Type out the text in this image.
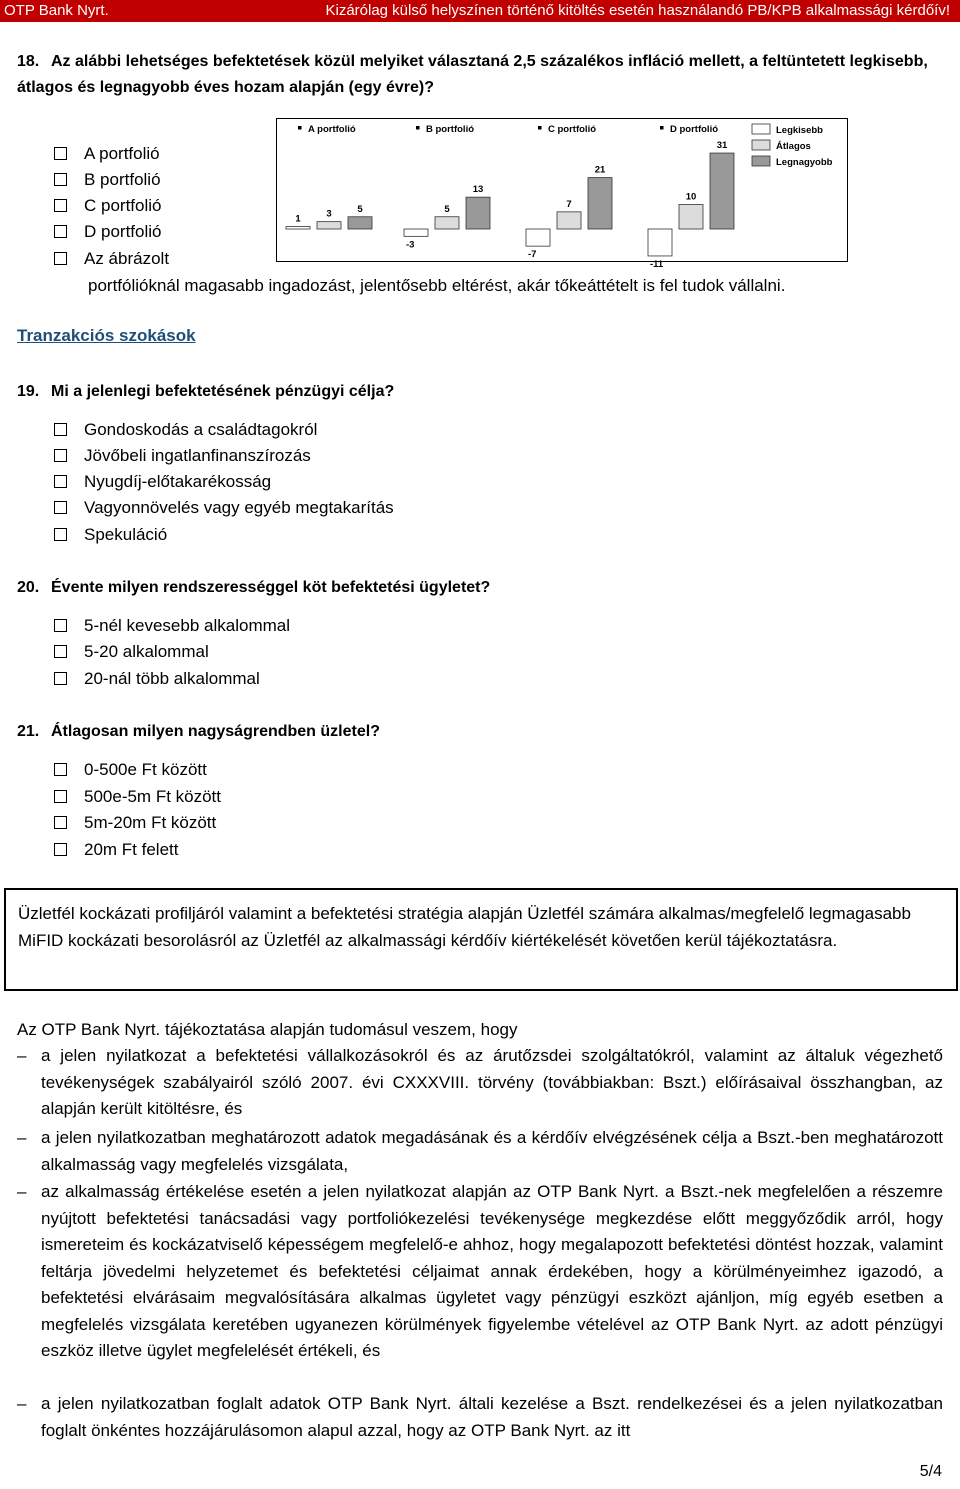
OTP Bank Nyrt.	Kizárólag külső helyszínen történő kitöltés esetén használandó PB/KPB alkalmassági kérdőív!
18. Az alábbi lehetséges befektetések közül melyiket választaná 2,5 százalékos infláció mellett, a feltüntetett legkisebb, átlagos és legnagyobb éves hozam alapján (egy évre)?
A portfolió
B portfolió
C portfolió
D portfolió
Az ábrázolt
portfólióknál magasabb ingadozást, jelentősebb eltérést, akár tőkeáttételt is fel tudok vállalni.
A portfolió
1	3	5
B portfolió
-3
5
13
C portfolió
-7
7
21
D portfolió
-11
10
31
Legkisebb
Átlagos
Legnagyobb
Tranzakciós szokások
19. Mi a jelenlegi befektetésének pénzügyi célja?
Gondoskodás a családtagokról
Jövőbeli ingatlanfinanszírozás
Nyugdíj-előtakarékosság
Vagyonnövelés vagy egyéb megtakarítás
Spekuláció
20. Évente milyen rendszerességgel köt befektetési ügyletet?
5-nél kevesebb alkalommal
5-20 alkalommal
20-nál több alkalommal
21. Átlagosan milyen nagyságrendben üzletel?
0-500e Ft között
500e-5m Ft között
5m-20m Ft között
20m Ft felett

Üzletfél kockázati profiljáról valamint a befektetési stratégia alapján Üzletfél számára alkalmas/megfelelő legmagasabb MiFID kockázati besorolásról az Üzletfél az alkalmassági kérdőív kiértékelését követően kerül tájékoztatásra.

Az OTP Bank Nyrt. tájékoztatása alapján tudomásul veszem, hogy
– a jelen nyilatkozat a befektetési vállalkozásokról és az árutőzsdei szolgáltatókról, valamint az általuk végezhető tevékenységek szabályairól szóló 2007. évi CXXXVIII. törvény (továbbiakban: Bszt.) előírásaival összhangban, az alapján került kitöltésre, és
– a jelen nyilatkozatban meghatározott adatok megadásának és a kérdőív elvégzésének célja a Bszt.-ben meghatározott alkalmasság vagy megfelelés vizsgálata,
– az alkalmasság értékelése esetén a jelen nyilatkozat alapján az OTP Bank Nyrt. a Bszt.-nek megfelelően a részemre nyújtott befektetési tanácsadási vagy portfoliókezelési tevékenysége megkezdése előtt meggyőződik arról, hogy ismereteim és kockázatviselő képességem megfelelő-e ahhoz, hogy megalapozott befektetési döntést hozzak, valamint feltárja jövedelmi helyzetemet és befektetési céljaimat annak érdekében, hogy a körülményeimhez igazodó, a befektetési elvárásaim megvalósítására alkalmas ügyletet vagy pénzügyi eszközt ajánljon, míg egyéb esetben a megfelelés vizsgálata keretében ugyanezen körülmények figyelembe vételével az OTP Bank Nyrt. az adott pénzügyi eszköz illetve ügylet megfelelését értékeli, és
– a jelen nyilatkozatban foglalt adatok OTP Bank Nyrt. általi kezelése a Bszt. rendelkezései és a jelen nyilatkozatban foglalt önkéntes hozzájárulásomon alapul azzal, hogy az OTP Bank Nyrt. az itt
5/4
